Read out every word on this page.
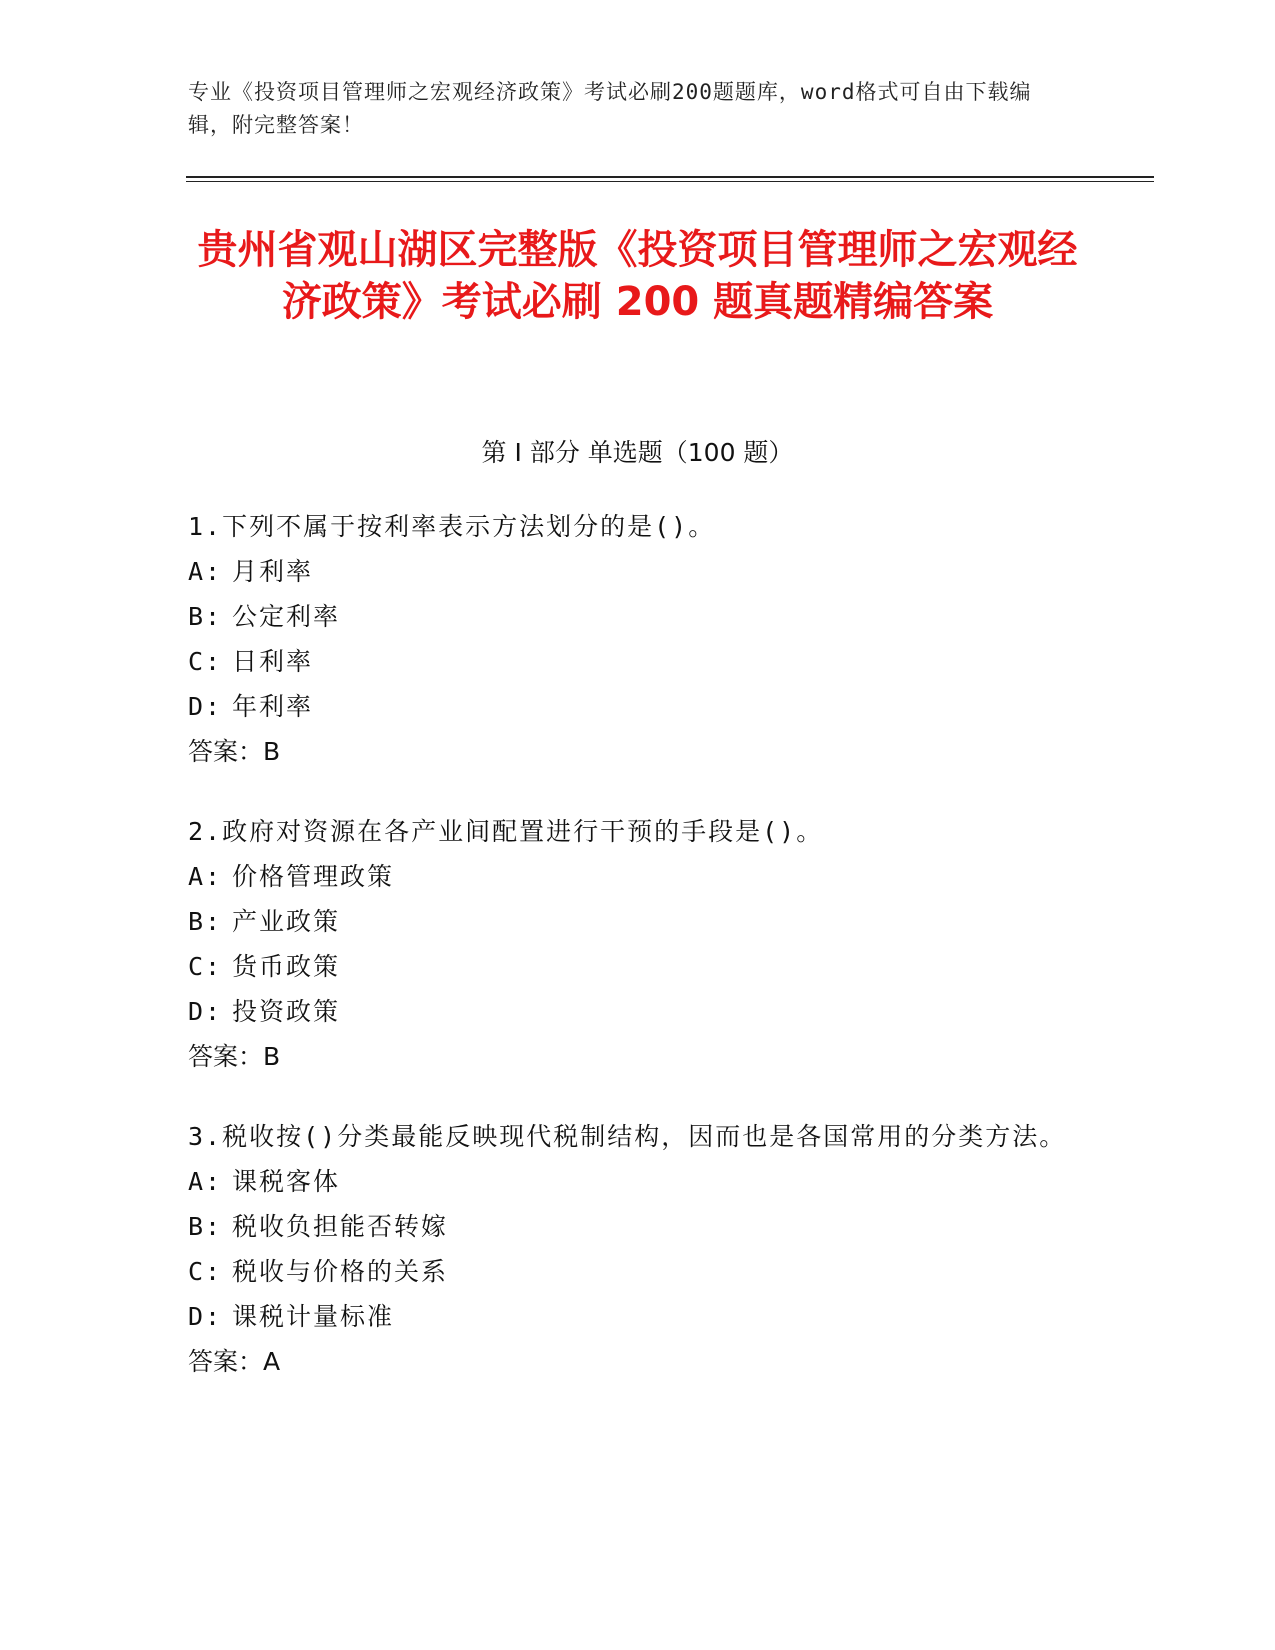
专业《投资项目管理师之宏观经济政策》考试必刷200题题库，word格式可自由下载编辑，附完整答案！
贵州省观山湖区完整版《投资项目管理师之宏观经济政策》考试必刷 200 题真题精编答案
第 I 部分 单选题（100 题）

1.下列不属于按利率表示方法划分的是()。

A: 月利率

B: 公定利率

C: 日利率

D: 年利率

答案：B

2.政府对资源在各产业间配置进行干预的手段是()。

A: 价格管理政策

B: 产业政策

C: 货币政策

D: 投资政策

答案：B

3.税收按()分类最能反映现代税制结构，因而也是各国常用的分类方法。

A: 课税客体

B: 税收负担能否转嫁

C: 税收与价格的关系

D: 课税计量标准

答案：A
